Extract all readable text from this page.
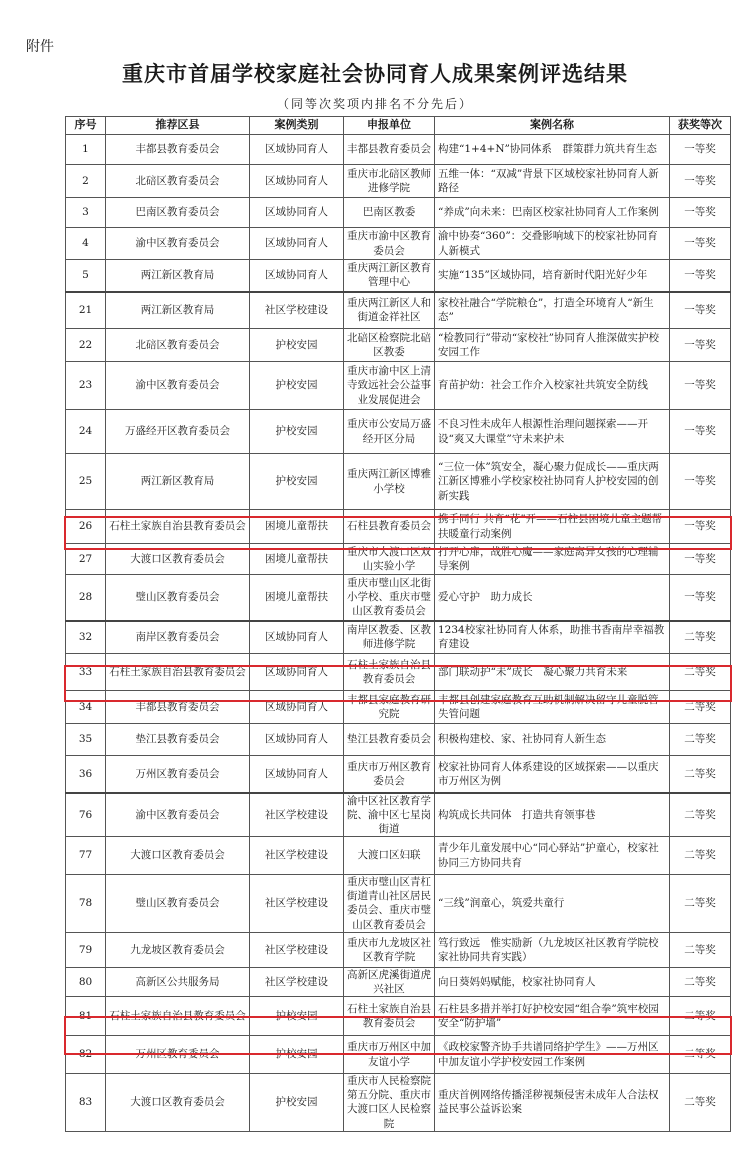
附件
重庆市首届学校家庭社会协同育人成果案例评选结果
（同等次奖项内排名不分先后）
序号	推荐区县	案例类别	申报单位	案例名称	获奖等次
1	丰都县教育委员会	区域协同育人	丰都县教育委员会	构建“1+4+N”协同体系　群策群力筑共育生态	一等奖
2	北碚区教育委员会	区域协同育人	重庆市北碚区教师进修学院	五维一体：“双减”背景下区域校家社协同育人新路径	一等奖
3	巴南区教育委员会	区域协同育人	巴南区教委	“养成”向未来：巴南区校家社协同育人工作案例	一等奖
4	渝中区教育委员会	区域协同育人	重庆市渝中区教育委员会	渝中协奏“360”：交叠影响域下的校家社协同育人新模式	一等奖
5	两江新区教育局	区域协同育人	重庆两江新区教育管理中心	实施“135”区域协同，培育新时代阳光好少年	一等奖
21	两江新区教育局	社区学校建设	重庆两江新区人和街道金祥社区	家校社融合“学院粮仓”，打造全环境育人“新生态”	一等奖
22	北碚区教育委员会	护校安园	北碚区检察院北碚区教委	“检教同行”带动“家校社”协同育人推深做实护校安园工作	一等奖
23	渝中区教育委员会	护校安园	重庆市渝中区上清寺致远社会公益事业发展促进会	育苗护幼：社会工作介入校家社共筑安全防线	一等奖
24	万盛经开区教育委员会	护校安园	重庆市公安局万盛经开区分局	不良习性未成年人根源性治理问题探索——开设“爽又大课堂”守未来护未	一等奖
25	两江新区教育局	护校安园	重庆两江新区博雅小学校	“三位一体”筑安全，凝心聚力促成长——重庆两江新区博雅小学校家校社协同育人护校安园的创新实践	一等奖
26	石柱土家族自治县教育委员会	困境儿童帮扶	石柱县教育委员会	携手同行 共育“花”开——石柱县困境儿童主题帮扶暖童行动案例	一等奖
27	大渡口区教育委员会	困境儿童帮扶	重庆市大渡口区双山实验小学	打开心扉，战胜心魔——家庭离异女孩的心理辅导案例	一等奖
28	璧山区教育委员会	困境儿童帮扶	重庆市璧山区北街小学校、重庆市璧山区教育委员会	爱心守护　助力成长	一等奖
32	南岸区教育委员会	区域协同育人	南岸区教委、区教师进修学院	1234校家社协同育人体系，助推书香南岸幸福教育建设	二等奖
33	石柱土家族自治县教育委员会	区域协同育人	石柱土家族自治县教育委员会	部门联动护“未”成长　凝心聚力共育未来	二等奖
34	丰都县教育委员会	区域协同育人	丰都县家庭教育研究院	丰都县创建家庭教育互助机制解决留守儿童脱管失管问题	二等奖
35	垫江县教育委员会	区域协同育人	垫江县教育委员会	积极构建校、家、社协同育人新生态	二等奖
36	万州区教育委员会	区域协同育人	重庆市万州区教育委员会	校家社协同育人体系建设的区域探索——以重庆市万州区为例	二等奖
76	渝中区教育委员会	社区学校建设	渝中区社区教育学院、渝中区七星岗街道	构筑成长共同体　打造共育领事巷	二等奖
77	大渡口区教育委员会	社区学校建设	大渡口区妇联	青少年儿童发展中心“同心驿站”护童心，校家社协同三方协同共育	二等奖
78	璧山区教育委员会	社区学校建设	重庆市璧山区青杠街道青山社区居民委员会、重庆市璧山区教育委员会	“三线”润童心，筑爱共童行	二等奖
79	九龙坡区教育委员会	社区学校建设	重庆市九龙坡区社区教育学院	笃行致远　惟实励新（九龙坡区社区教育学院校家社协同共育实践）	二等奖
80	高新区公共服务局	社区学校建设	高新区虎溪街道虎兴社区	向日葵妈妈赋能，校家社协同育人	二等奖
81	石柱土家族自治县教育委员会	护校安园	石柱土家族自治县教育委员会	石柱县多措并举打好护校安园“组合拳”筑牢校园安全“防护墙”	二等奖
82	万州区教育委员会	护校安园	重庆市万州区中加友谊小学	《政校家警齐协手共谱同络护学生》——万州区中加友谊小学护校安园工作案例	二等奖
83	大渡口区教育委员会	护校安园	重庆市人民检察院第五分院、重庆市大渡口区人民检察院	重庆首例网络传播淫秽视频侵害未成年人合法权益民事公益诉讼案	二等奖
